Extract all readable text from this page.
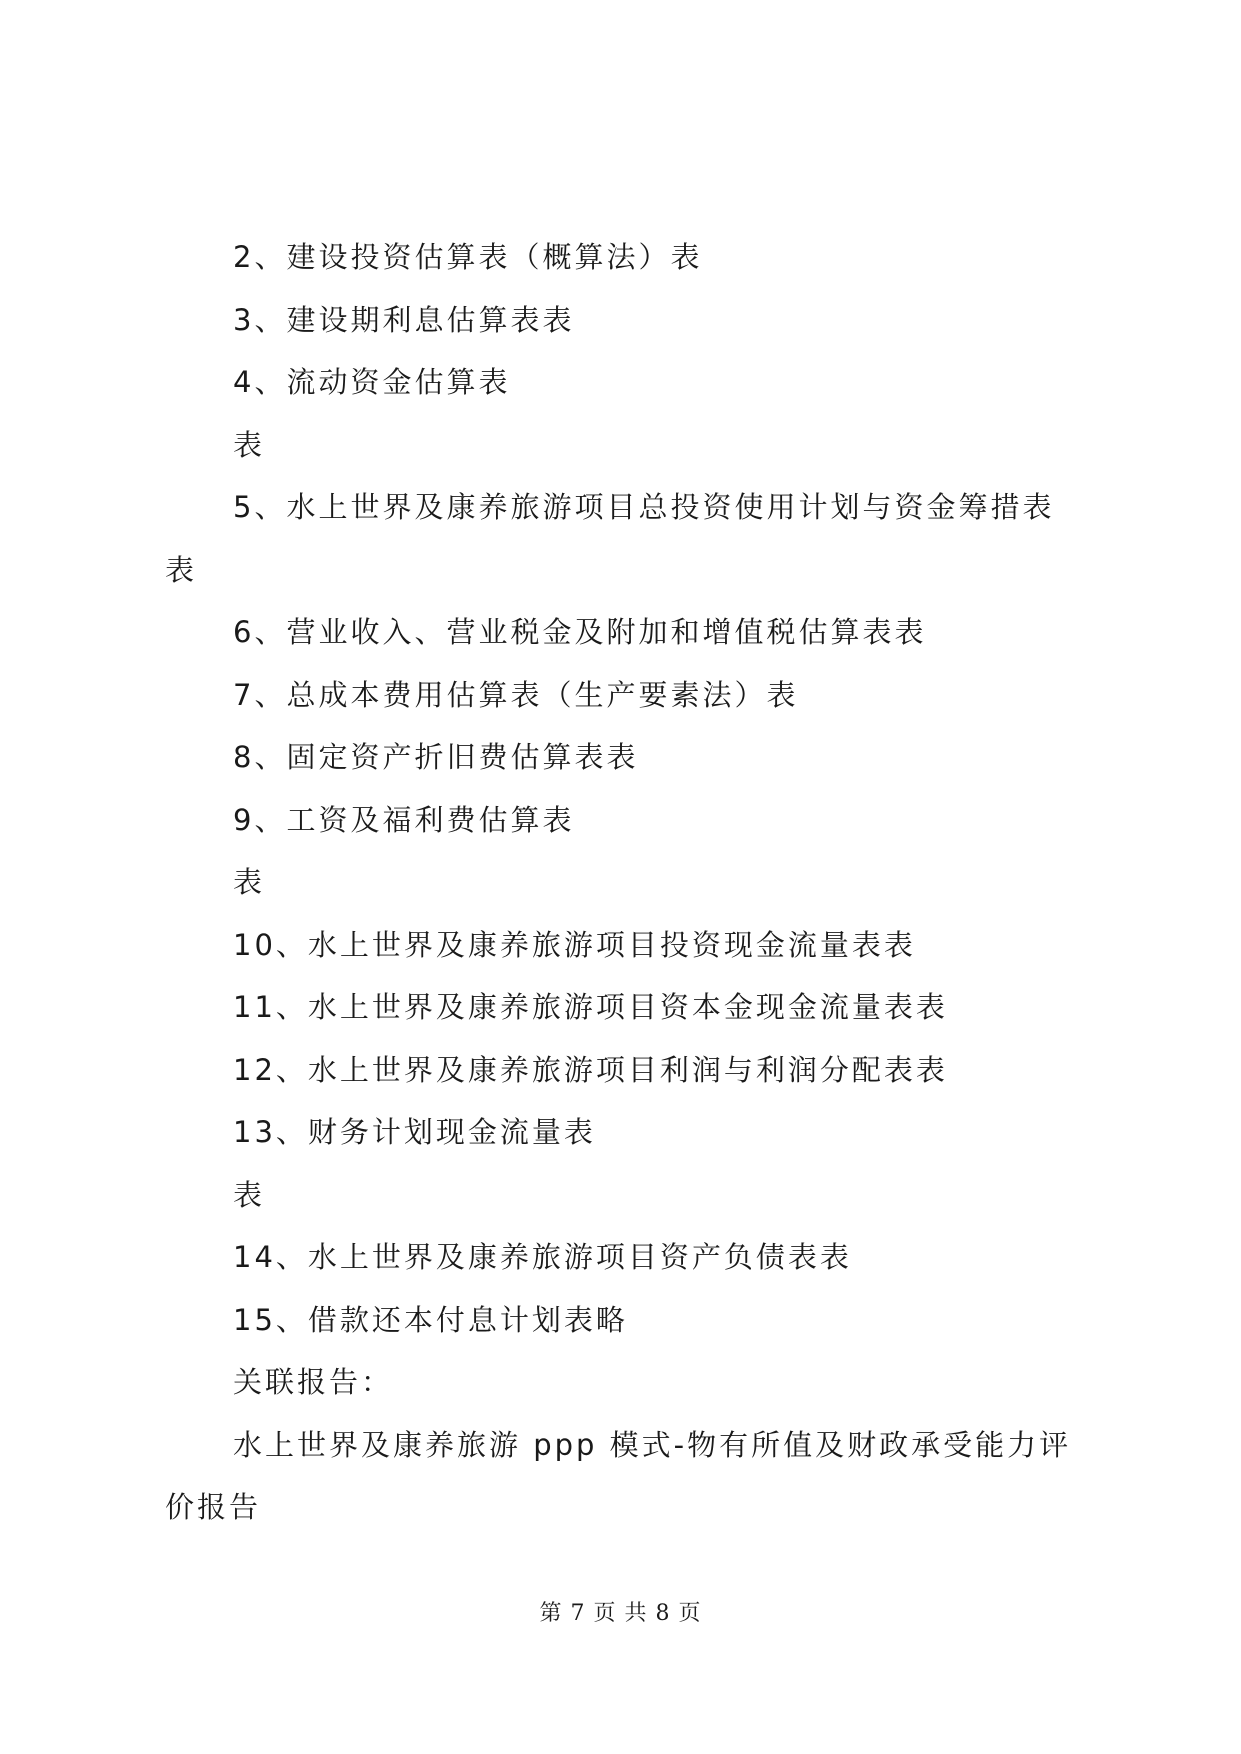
2、建设投资估算表（概算法）表

3、建设期利息估算表表

4、流动资金估算表

表

5、水上世界及康养旅游项目总投资使用计划与资金筹措表

表

6、营业收入、营业税金及附加和增值税估算表表

7、总成本费用估算表（生产要素法）表

8、固定资产折旧费估算表表

9、工资及福利费估算表

表

10、水上世界及康养旅游项目投资现金流量表表

11、水上世界及康养旅游项目资本金现金流量表表

12、水上世界及康养旅游项目利润与利润分配表表

13、财务计划现金流量表

表

14、水上世界及康养旅游项目资产负债表表

15、借款还本付息计划表略

关联报告：

水上世界及康养旅游 ppp 模式-物有所值及财政承受能力评

价报告

第 7 页 共 8 页
